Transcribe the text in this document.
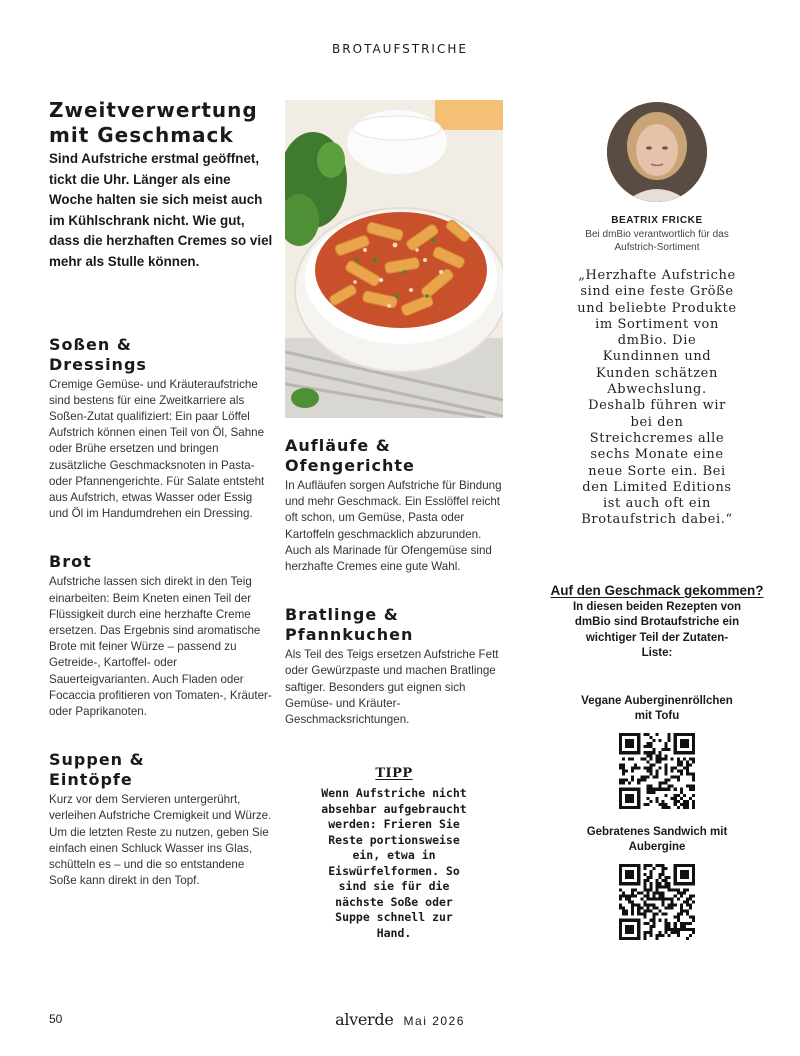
BROTAUFSTRICHE
Zweitverwertung
mit Geschmack

Sind Aufstriche erstmal geöffnet, tickt die Uhr. Länger als eine Woche halten sie sich meist auch im Kühlschrank nicht. Wie gut, dass die herzhaften Cremes so viel mehr als Stulle können.

Soßen &
Dressings

Cremige Gemüse- und Kräuteraufstriche sind bestens für eine Zweitkarriere als Soßen-Zutat qualifiziert: Ein paar Löffel Aufstrich können einen Teil von Öl, Sahne oder Brühe ersetzen und bringen zusätzliche Geschmacksnoten in Pasta- oder Pfannengerichte. Für Salate entsteht aus Aufstrich, etwas Wasser oder Essig und Öl im Handumdrehen ein Dressing.

Brot

Aufstriche lassen sich direkt in den Teig einarbeiten: Beim Kneten einen Teil der Flüssigkeit durch eine herzhafte Creme ersetzen. Das Ergebnis sind aromatische Brote mit feiner Würze – passend zu Getreide-, Kartoffel- oder Sauerteigvarianten. Auch Fladen oder Focaccia profitieren von Tomaten-, Kräuter- oder Paprikanoten.

Suppen &
Eintöpfe

Kurz vor dem Servieren untergerührt, verleihen Aufstriche Cremigkeit und Würze. Um die letzten Reste zu nutzen, geben Sie einfach einen Schluck Wasser ins Glas, schütteln es – und die so entstandene Soße kann direkt in den Topf.

Aufläufe &
Ofengerichte

In Aufläufen sorgen Aufstriche für Bindung und mehr Geschmack. Ein Esslöffel reicht oft schon, um Gemüse, Pasta oder Kartoffeln geschmacklich abzurunden. Auch als Marinade für Ofengemüse sind herzhafte Cremes eine gute Wahl.

Bratlinge &
Pfannkuchen

Als Teil des Teigs ersetzen Aufstriche Fett oder Gewürzpaste und machen Bratlinge saftiger. Besonders gut eignen sich Gemüse- und Kräuter-Geschmacksrichtungen.

TIPP

Wenn Aufstriche nicht absehbar aufgebraucht werden: Frieren Sie Reste portionsweise ein, etwa in Eiswürfelformen. So sind sie für die nächste Soße oder Suppe schnell zur Hand.

BEATRIX FRICKE

Bei dmBio verantwortlich für das Aufstrich-Sortiment

„Herzhafte Aufstriche sind eine feste Größe und beliebte Produkte im Sortiment von dmBio. Die Kundinnen und Kunden schätzen Abwechslung. Deshalb führen wir bei den Streichcremes alle sechs Monate eine neue Sorte ein. Bei den Limited Editions ist auch oft ein Brotaufstrich dabei.“

Auf den Geschmack gekommen?

In diesen beiden Rezepten von dmBio sind Brotaufstriche ein wichtiger Teil der Zutaten-Liste:

Vegane Auberginenröllchen mit Tofu

Gebratenes Sandwich mit Aubergine

50	alverde Mai 2026
